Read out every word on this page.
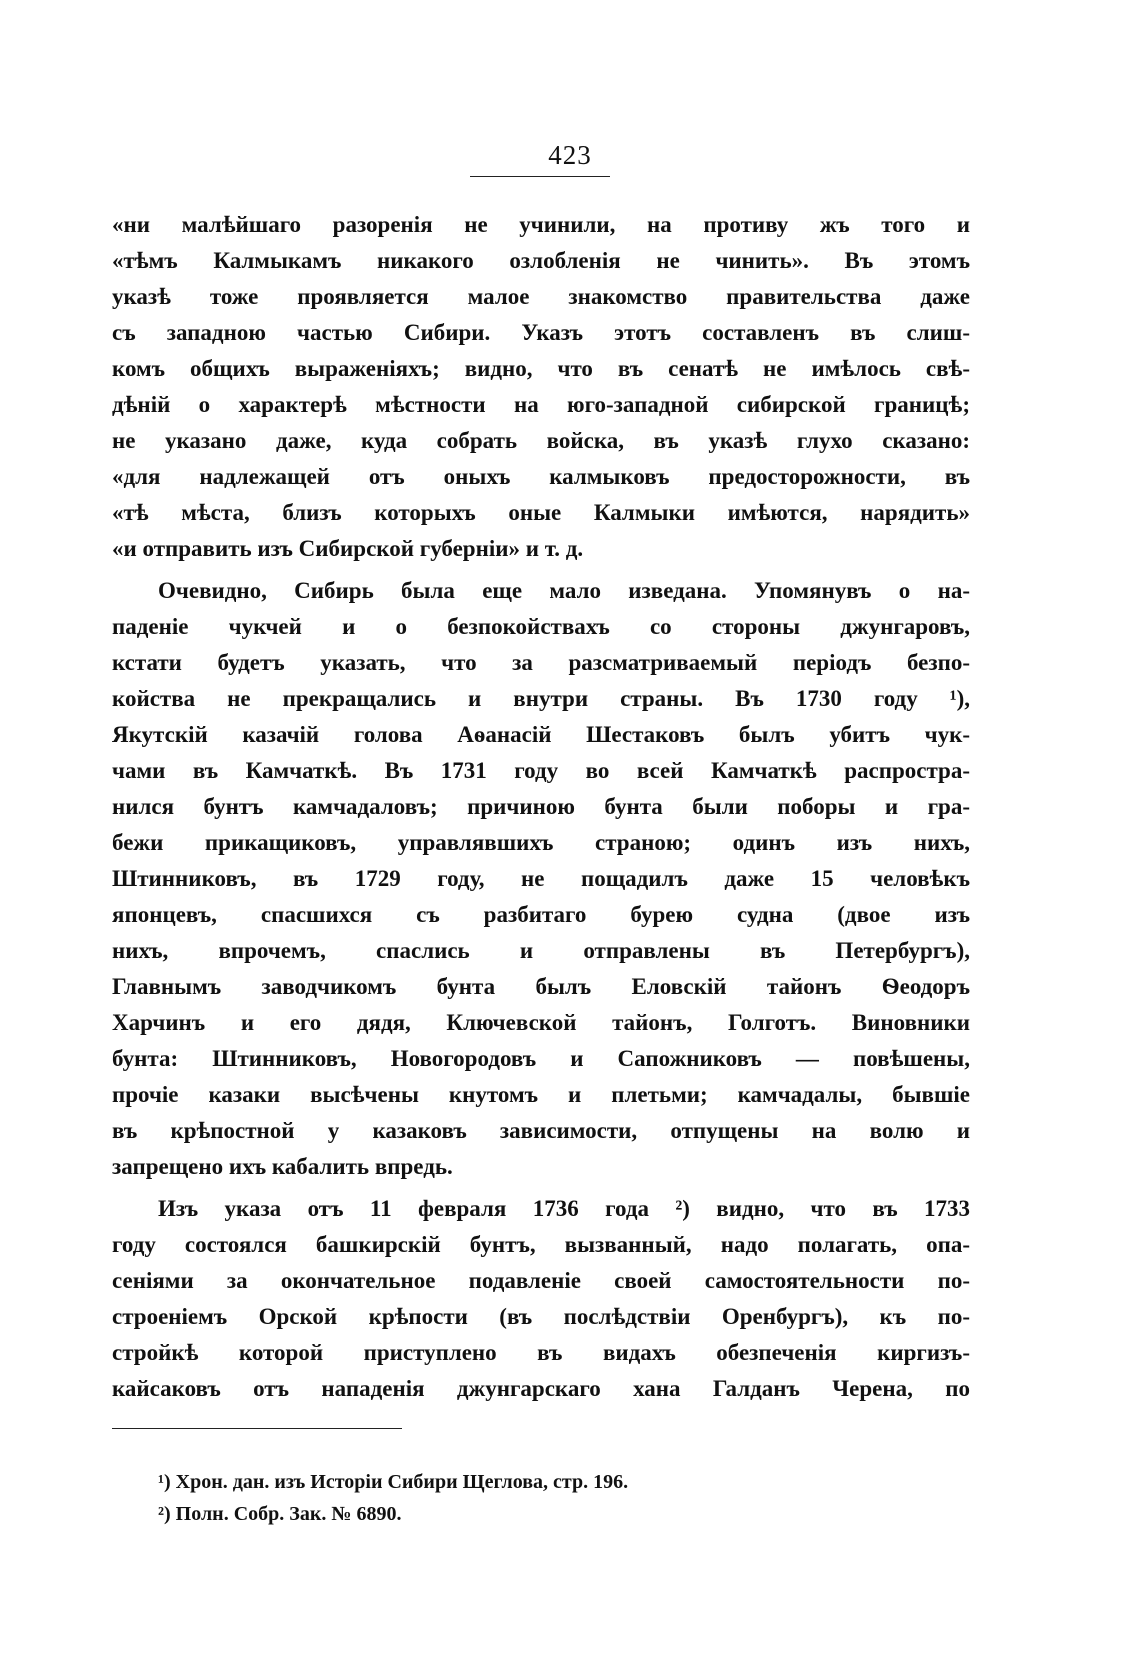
423
«ни малѣйшаго разоренія не учинили, на противу жъ того и
«тѣмъ Калмыкамъ никакого озлобленія не чинить». Въ этомъ
указѣ тоже проявляется малое знакомство правительства даже
съ западною частью Сибири. Указъ этотъ составленъ въ слиш-
комъ общихъ выраженіяхъ; видно, что въ сенатѣ не имѣлось свѣ-
дѣній о характерѣ мѣстности на юго-западной сибирской границѣ;
не указано даже, куда собрать войска, въ указѣ глухо сказано:
«для надлежащей отъ оныхъ калмыковъ предосторожности, въ
«тѣ мѣста, близъ которыхъ оные Калмыки имѣются, нарядить»
«и отправить изъ Сибирской губерніи» и т. д.
Очевидно, Сибирь была еще мало изведана. Упомянувъ о на-
паденіе чукчей и о безпокойствахъ со стороны джунгаровъ,
кстати будетъ указать, что за разсматриваемый періодъ безпо-
койства не прекращались и внутри страны. Въ 1730 году ¹),
Якутскій казачій голова Аѳанасій Шестаковъ былъ убитъ чук-
чами въ Камчаткѣ. Въ 1731 году во всей Камчаткѣ распростра-
нился бунтъ камчадаловъ; причиною бунта были поборы и гра-
бежи прикащиковъ, управлявшихъ страною; одинъ изъ нихъ,
Штинниковъ, въ 1729 году, не пощадилъ даже 15 человѣкъ
японцевъ, спасшихся съ разбитаго бурею судна (двое изъ
нихъ, впрочемъ, спаслись и отправлены въ Петербургъ),
Главнымъ заводчикомъ бунта былъ Еловскій тайонъ Ѳеодоръ
Харчинъ и его дядя, Ключевской тайонъ, Голготъ. Виновники
бунта: Штинниковъ, Новогородовъ и Сапожниковъ — повѣшены,
прочіе казаки высѣчены кнутомъ и плетьми; камчадалы, бывшіе
въ крѣпостной у казаковъ зависимости, отпущены на волю и
запрещено ихъ кабалить впредь.
Изъ указа отъ 11 февраля 1736 года ²) видно, что въ 1733
году состоялся башкирскій бунтъ, вызванный, надо полагать, опа-
сеніями за окончательное подавленіе своей самостоятельности по-
строеніемъ Орской крѣпости (въ послѣдствіи Оренбургъ), къ по-
стройкѣ которой приступлено въ видахъ обезпеченія киргизъ-
кайсаковъ отъ нападенія джунгарскаго хана Галданъ Черена, по
¹) Хрон. дан. изъ Исторіи Сибири Щеглова, стр. 196.
²) Полн. Собр. Зак. № 6890.
